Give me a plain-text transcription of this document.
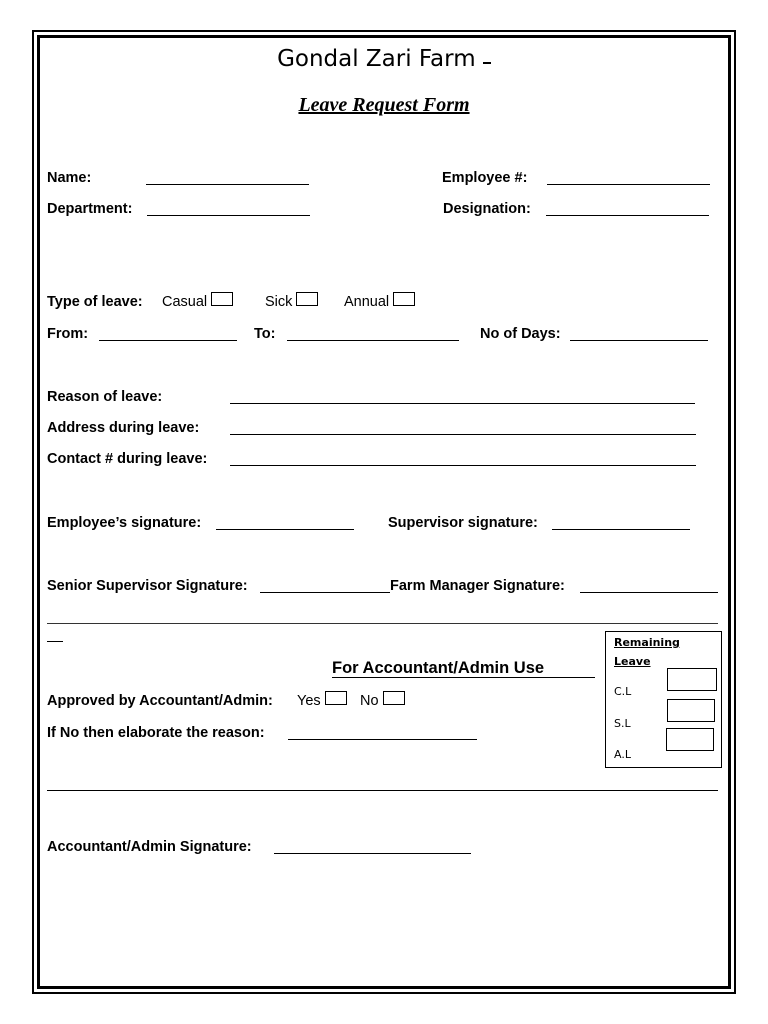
Gondal Zari Farm
Leave Request Form
Name:	Employee #:
Department:	Designation:
Type of leave: Casual	Sick	Annual
From:	To:	No of Days:
Reason of leave:
Address during leave:
Contact # during leave:
Employee’s signature:	Supervisor signature:
Senior Supervisor Signature:	Farm Manager Signature:
For Accountant/Admin Use
Approved by Accountant/Admin: Yes	No
If No then elaborate the reason:
Accountant/Admin Signature:
Remaining
Leave
C.L
S.L
A.L
